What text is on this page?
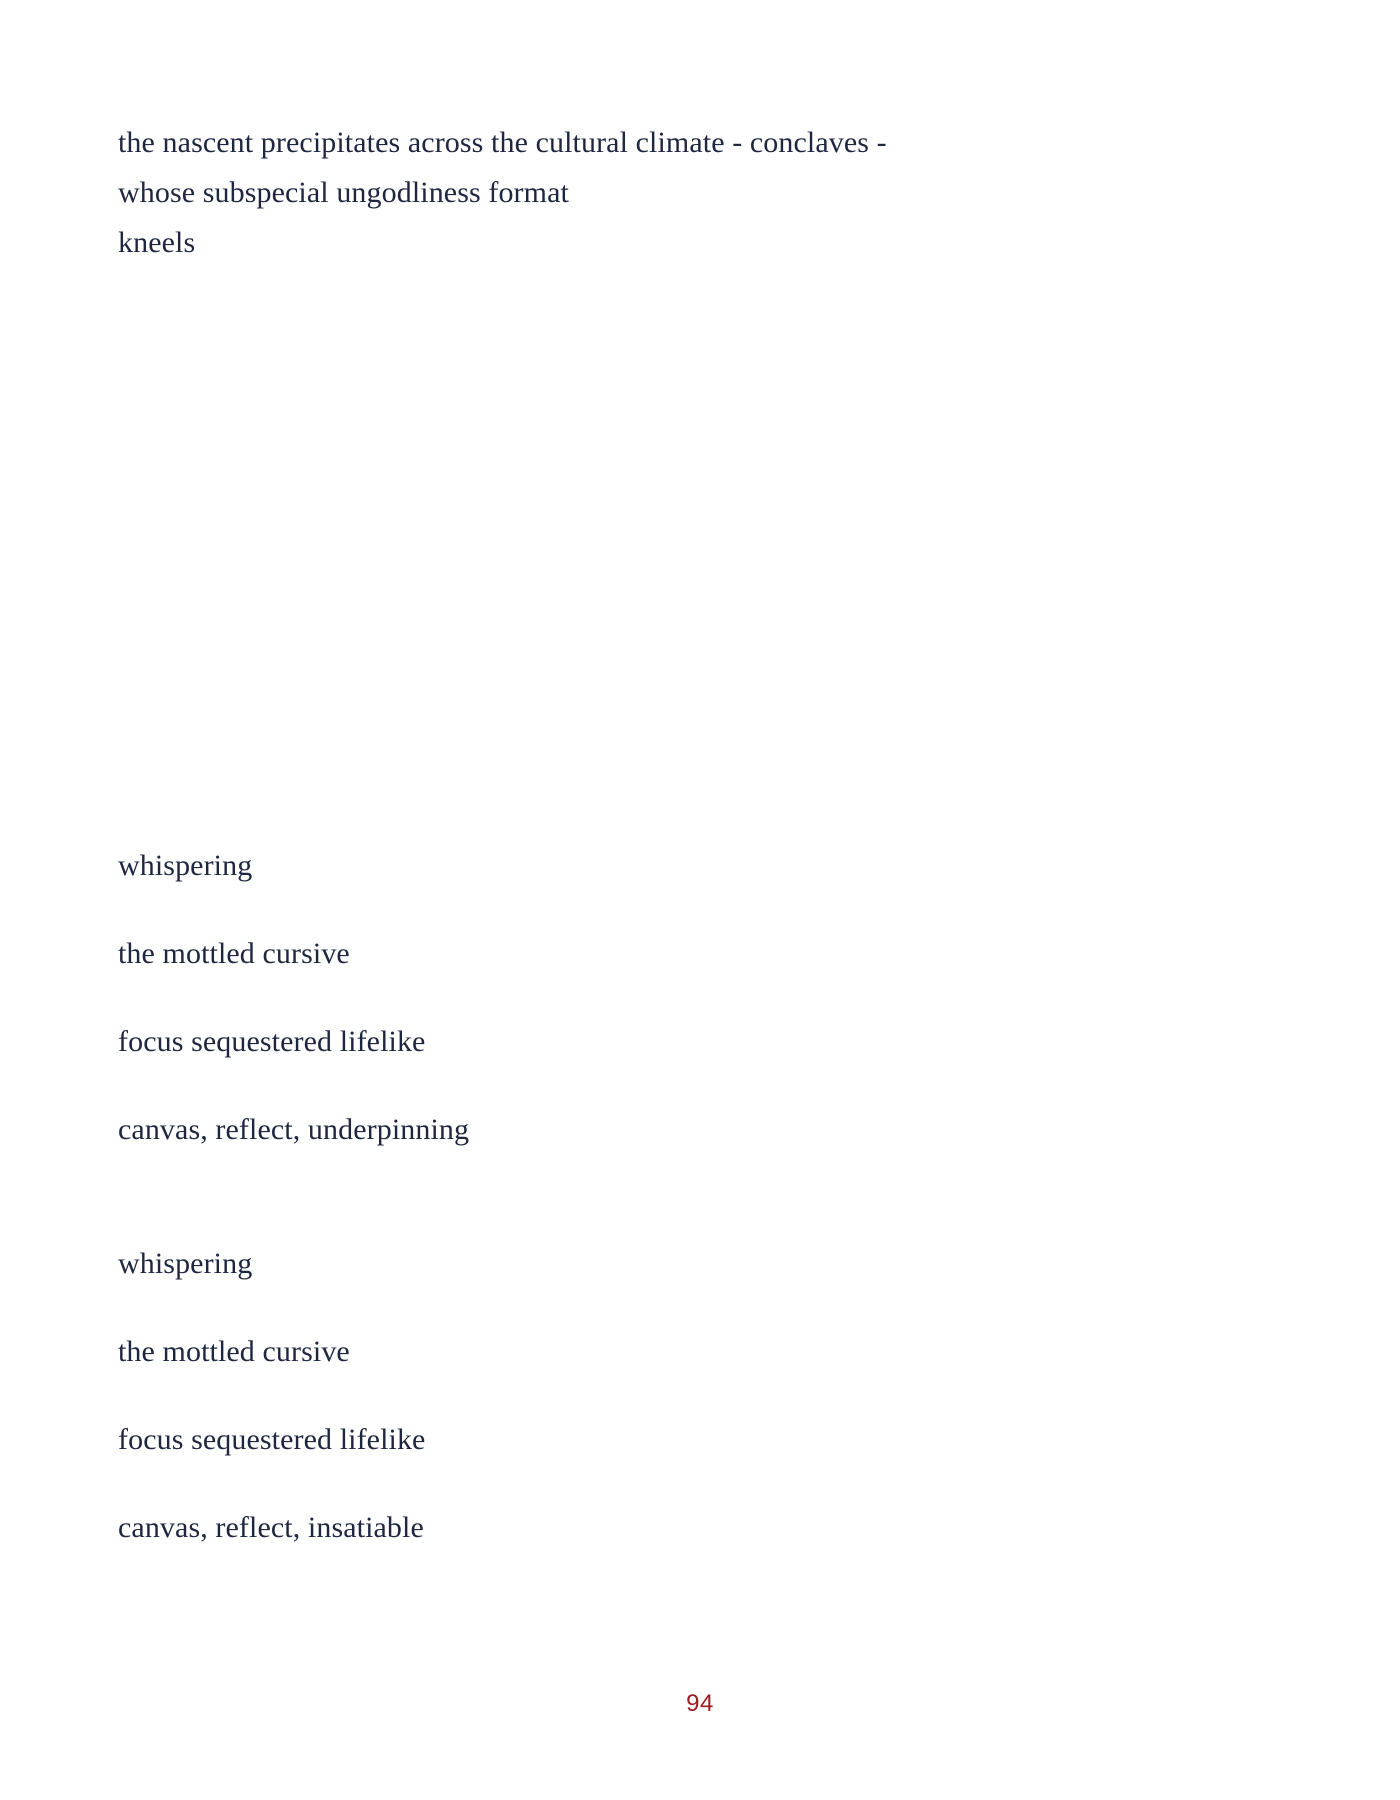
the nascent precipitates across the cultural climate - conclaves -
whose subspecial ungodliness format
kneels
whispering
the mottled cursive
focus sequestered lifelike
canvas, reflect, underpinning
whispering
the mottled cursive
focus sequestered lifelike
canvas, reflect, insatiable
94
